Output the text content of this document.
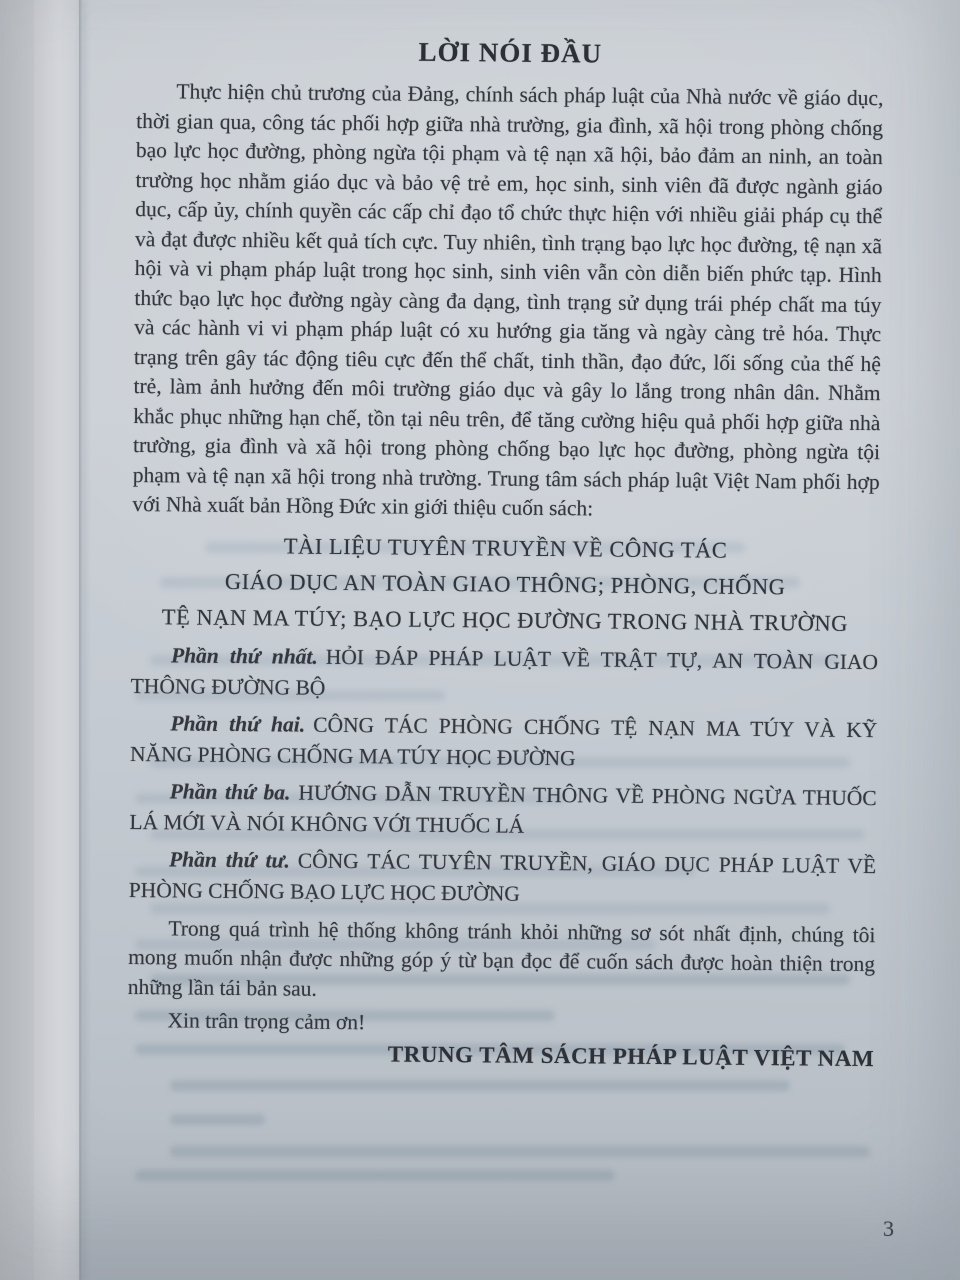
LỜI NÓI ĐẦU

Thực hiện chủ trương của Đảng, chính sách pháp luật của Nhà nước về giáo dục, thời gian qua, công tác phối hợp giữa nhà trường, gia đình, xã hội trong phòng chống bạo lực học đường, phòng ngừa tội phạm và tệ nạn xã hội, bảo đảm an ninh, an toàn trường học nhằm giáo dục và bảo vệ trẻ em, học sinh, sinh viên đã được ngành giáo dục, cấp ủy, chính quyền các cấp chỉ đạo tổ chức thực hiện với nhiều giải pháp cụ thể và đạt được nhiều kết quả tích cực. Tuy nhiên, tình trạng bạo lực học đường, tệ nạn xã hội và vi phạm pháp luật trong học sinh, sinh viên vẫn còn diễn biến phức tạp. Hình thức bạo lực học đường ngày càng đa dạng, tình trạng sử dụng trái phép chất ma túy và các hành vi vi phạm pháp luật có xu hướng gia tăng và ngày càng trẻ hóa. Thực trạng trên gây tác động tiêu cực đến thể chất, tinh thần, đạo đức, lối sống của thế hệ trẻ, làm ảnh hưởng đến môi trường giáo dục và gây lo lắng trong nhân dân. Nhằm khắc phục những hạn chế, tồn tại nêu trên, để tăng cường hiệu quả phối hợp giữa nhà trường, gia đình và xã hội trong phòng chống bạo lực học đường, phòng ngừa tội phạm và tệ nạn xã hội trong nhà trường. Trung tâm sách pháp luật Việt Nam phối hợp với Nhà xuất bản Hồng Đức xin giới thiệu cuốn sách:

TÀI LIỆU TUYÊN TRUYỀN VỀ CÔNG TÁC
GIÁO DỤC AN TOÀN GIAO THÔNG; PHÒNG, CHỐNG
TỆ NẠN MA TÚY; BẠO LỰC HỌC ĐƯỜNG TRONG NHÀ TRƯỜNG

Phần thứ nhất. HỎI ĐÁP PHÁP LUẬT VỀ TRẬT TỰ, AN TOÀN GIAO THÔNG ĐƯỜNG BỘ

Phần thứ hai. CÔNG TÁC PHÒNG CHỐNG TỆ NẠN MA TÚY VÀ KỸ NĂNG PHÒNG CHỐNG MA TÚY HỌC ĐƯỜNG

Phần thứ ba. HƯỚNG DẪN TRUYỀN THÔNG VỀ PHÒNG NGỪA THUỐC LÁ MỚI VÀ NÓI KHÔNG VỚI THUỐC LÁ

Phần thứ tư. CÔNG TÁC TUYÊN TRUYỀN, GIÁO DỤC PHÁP LUẬT VỀ PHÒNG CHỐNG BẠO LỰC HỌC ĐƯỜNG

Trong quá trình hệ thống không tránh khỏi những sơ sót nhất định, chúng tôi mong muốn nhận được những góp ý từ bạn đọc để cuốn sách được hoàn thiện trong những lần tái bản sau.

Xin trân trọng cảm ơn!

TRUNG TÂM SÁCH PHÁP LUẬT VIỆT NAM

3
